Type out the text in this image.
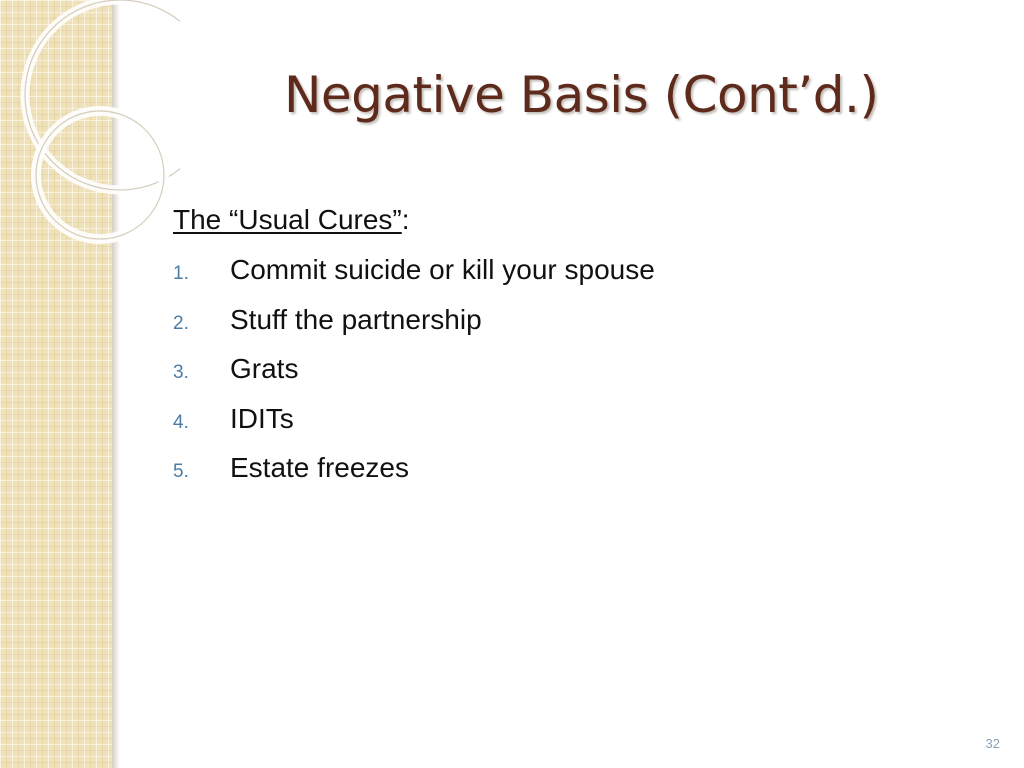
Negative Basis (Cont’d.)
The “Usual Cures”:
1.	Commit suicide or kill your spouse
2.	Stuff the partnership
3.	Grats
4.	IDITs
5.	Estate freezes
32
